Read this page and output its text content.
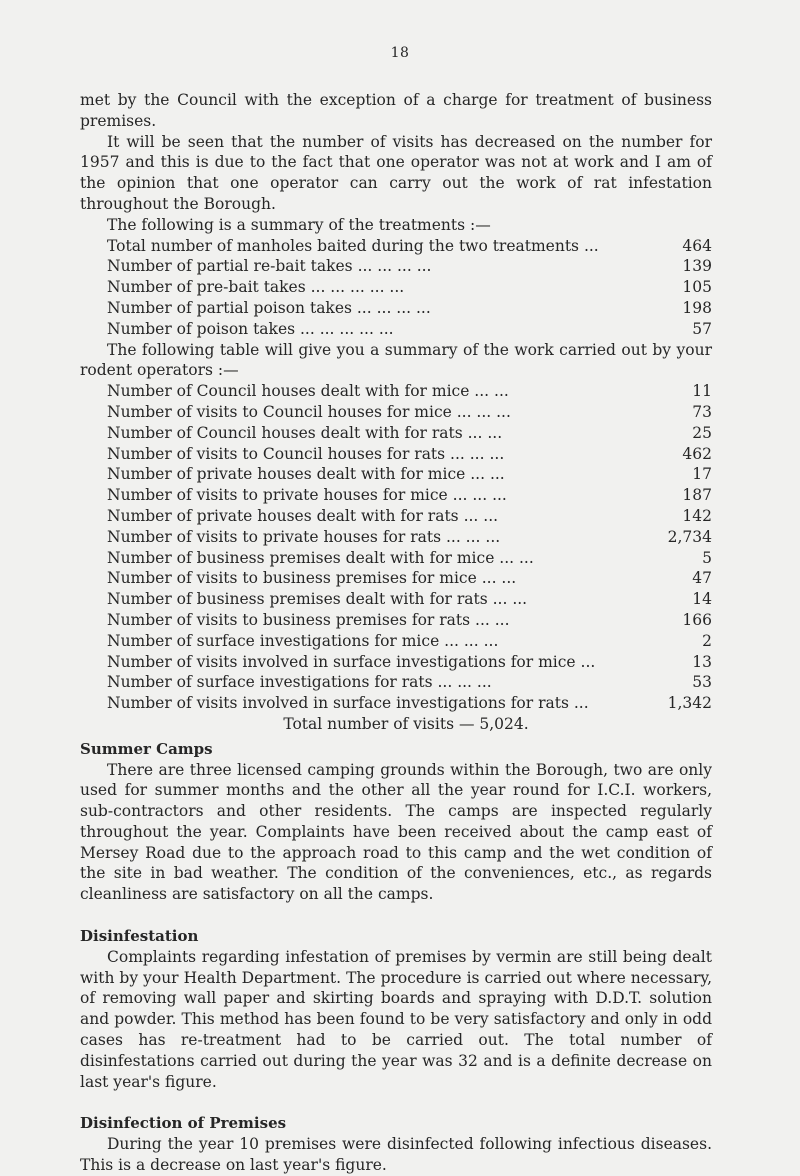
18

met by the Council with the exception of a charge for treatment of business premises.

It will be seen that the number of visits has decreased on the number for 1957 and this is due to the fact that one operator was not at work and I am of the opinion that one operator can carry out the work of rat infestation throughout the Borough.

The following is a summary of the treatments :—

Total number of manholes baited during the two treatments ...	464
Number of partial re-bait takes ... ... ... ...	139
Number of pre-bait takes ... ... ... ... ...	105
Number of partial poison takes ... ... ... ...	198
Number of poison takes ... ... ... ... ...	57

The following table will give you a summary of the work carried out by your rodent operators :—

Number of Council houses dealt with for mice ... ...	11
Number of visits to Council houses for mice ... ... ...	73
Number of Council houses dealt with for rats ... ...	25
Number of visits to Council houses for rats ... ... ...	462
Number of private houses dealt with for mice ... ...	17
Number of visits to private houses for mice ... ... ...	187
Number of private houses dealt with for rats ... ...	142
Number of visits to private houses for rats ... ... ...	2,734
Number of business premises dealt with for mice ... ...	5
Number of visits to business premises for mice ... ...	47
Number of business premises dealt with for rats ... ...	14
Number of visits to business premises for rats ... ...	166
Number of surface investigations for mice ... ... ...	2
Number of visits involved in surface investigations for mice ...	13
Number of surface investigations for rats ... ... ...	53
Number of visits involved in surface investigations for rats ...	1,342
Total number of visits — 5,024.
Summer Camps

There are three licensed camping grounds within the Borough, two are only used for summer months and the other all the year round for I.C.I. workers, sub-contractors and other residents. The camps are inspected regularly throughout the year. Complaints have been received about the camp east of Mersey Road due to the approach road to this camp and the wet condition of the site in bad weather. The condition of the conveniences, etc., as regards cleanliness are satisfactory on all the camps.

Disinfestation

Complaints regarding infestation of premises by vermin are still being dealt with by your Health Department. The procedure is carried out where necessary, of removing wall paper and skirting boards and spraying with D.D.T. solution and powder. This method has been found to be very satisfactory and only in odd cases has re-treatment had to be carried out. The total number of disinfestations carried out during the year was 32 and is a definite decrease on last year's figure.

Disinfection of Premises

During the year 10 premises were disinfected following infectious diseases. This is a decrease on last year's figure.
